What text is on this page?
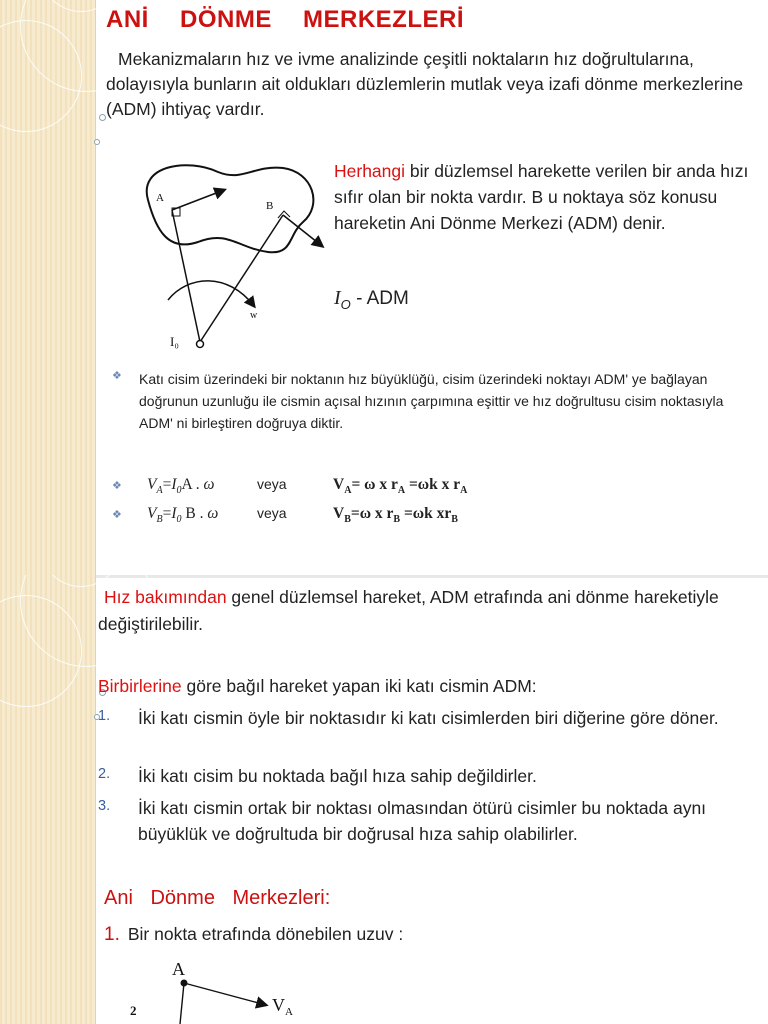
ANİ DÖNME MERKEZLERİ

Mekanizmaların hız ve ivme analizinde çeşitli noktaların hız doğrultularına, dolayısıyla bunların ait oldukları düzlemlerin mutlak veya izafi dönme merkezlerine (ADM) ihtiyaç vardır.

A
B
w
I₀

Herhangi bir düzlemsel harekette verilen bir anda hızı sıfır olan bir nokta vardır. B u noktaya söz konusu hareketin Ani Dönme Merkezi (ADM) denir.

$I_O$ - ADM
❖ Katı cisim üzerindeki bir noktanın hız büyüklüğü, cisim üzerindeki noktayı ADM' ye bağlayan doğrunun uzunluğu ile cismin açısal hızının çarpımına eşittir ve hız doğrultusu cisim noktasıyla ADM' ni birleştiren doğruya diktir.
❖ $V_A=I_0A$ . ω	veya	$V_A= \omega$ x $r_A =\omega k$ x $r_A$
❖ $V_B=I_0$ B . ω	veya	$V_B=\omega$ x $r_B =\omega k$ $xr_B$

Hız bakımından genel düzlemsel hareket, ADM etrafında ani dönme hareketiyle değiştirilebilir.

Birbirlerine göre bağıl hareket yapan iki katı cismin ADM:

1.	İki katı cismin öyle bir noktasıdır ki katı cisimlerden biri diğerine göre döner.
2.	İki katı cisim bu noktada bağıl hıza sahip değildirler.
3.	İki katı cismin ortak bir noktası olmasından ötürü cisimler bu noktada aynı büyüklük ve doğrultuda bir doğrusal hıza sahip olabilirler.
Ani Dönme Merkezleri:
1. Bir nokta etrafında dönebilen uzuv :
A
$V_A$
2
